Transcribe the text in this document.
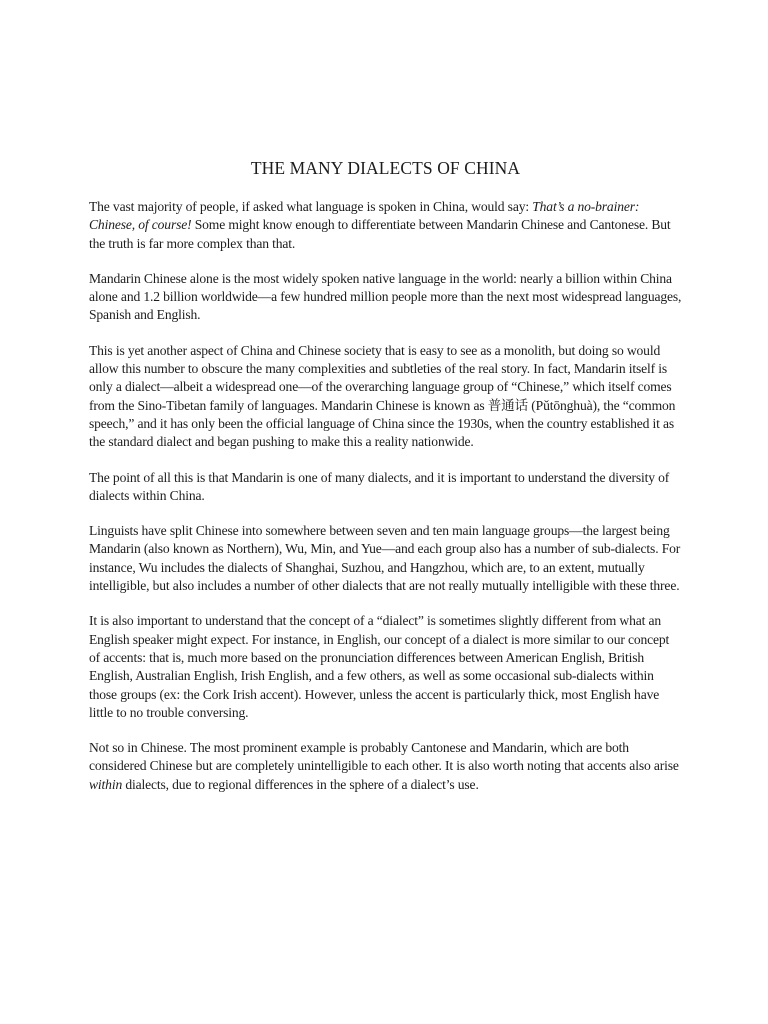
THE MANY DIALECTS OF CHINA

The vast majority of people, if asked what language is spoken in China, would say: That’s a no-brainer: Chinese, of course! Some might know enough to differentiate between Mandarin Chinese and Cantonese. But the truth is far more complex than that.

Mandarin Chinese alone is the most widely spoken native language in the world: nearly a billion within China alone and 1.2 billion worldwide—a few hundred million people more than the next most widespread languages, Spanish and English.

This is yet another aspect of China and Chinese society that is easy to see as a monolith, but doing so would allow this number to obscure the many complexities and subtleties of the real story. In fact, Mandarin itself is only a dialect—albeit a widespread one—of the overarching language group of “Chinese,” which itself comes from the Sino-Tibetan family of languages. Mandarin Chinese is known as 普通话 (Pǔtōnghuà), the “common speech,” and it has only been the official language of China since the 1930s, when the country established it as the standard dialect and began pushing to make this a reality nationwide.

The point of all this is that Mandarin is one of many dialects, and it is important to understand the diversity of dialects within China.

Linguists have split Chinese into somewhere between seven and ten main language groups—the largest being Mandarin (also known as Northern), Wu, Min, and Yue—and each group also has a number of sub-dialects. For instance, Wu includes the dialects of Shanghai, Suzhou, and Hangzhou, which are, to an extent, mutually intelligible, but also includes a number of other dialects that are not really mutually intelligible with these three.

It is also important to understand that the concept of a “dialect” is sometimes slightly different from what an English speaker might expect. For instance, in English, our concept of a dialect is more similar to our concept of accents: that is, much more based on the pronunciation differences between American English, British English, Australian English, Irish English, and a few others, as well as some occasional sub-dialects within those groups (ex: the Cork Irish accent). However, unless the accent is particularly thick, most English have little to no trouble conversing.

Not so in Chinese. The most prominent example is probably Cantonese and Mandarin, which are both considered Chinese but are completely unintelligible to each other. It is also worth noting that accents also arise within dialects, due to regional differences in the sphere of a dialect’s use.
